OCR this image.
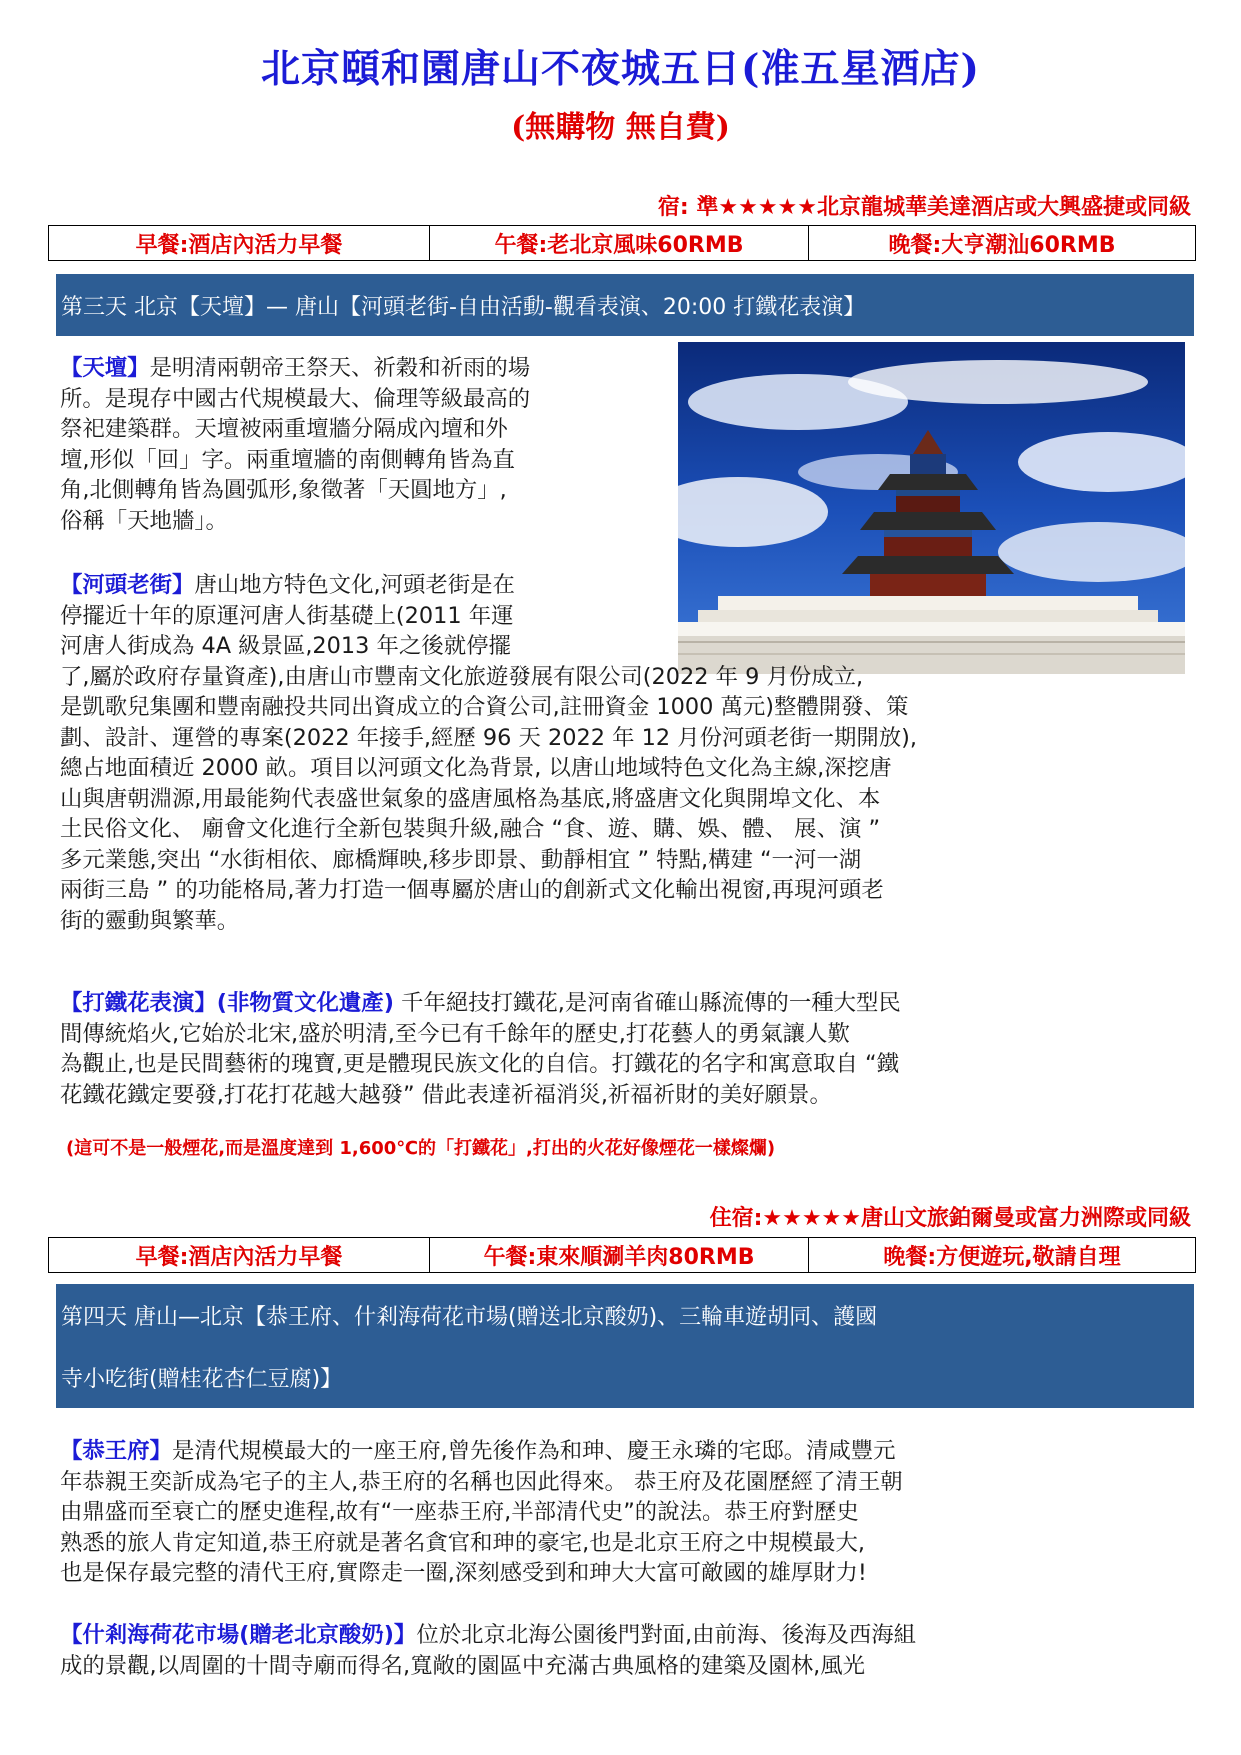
北京頤和園唐山不夜城五日(准五星酒店)
(無購物 無自費)
宿: 準★★★★★北京龍城華美達酒店或大興盛捷或同級
早餐:酒店內活力早餐	午餐:老北京風味60RMB	晚餐:大亨潮汕60RMB
第三天 北京【天壇】— 唐山【河頭老街-自由活動-觀看表演、20:00 打鐵花表演】
【天壇】是明清兩朝帝王祭天、祈穀和祈雨的場
所。是現存中國古代規模最大、倫理等級最高的
祭祀建築群。天壇被兩重壇牆分隔成內壇和外
壇,形似「回」字。兩重壇牆的南側轉角皆為直
角,北側轉角皆為圓弧形,象徵著「天圓地方」,
俗稱「天地牆」。
【河頭老街】唐山地方特色文化,河頭老街是在
停擺近十年的原運河唐人街基礎上(2011 年運
河唐人街成為 4A 級景區,2013 年之後就停擺
了,屬於政府存量資產),由唐山市豐南文化旅遊發展有限公司(2022 年 9 月份成立,
是凱歌兒集團和豐南融投共同出資成立的合資公司,註冊資金 1000 萬元)整體開發、策
劃、設計、運營的專案(2022 年接手,經歷 96 天 2022 年 12 月份河頭老街一期開放),
總占地面積近 2000 畝。項目以河頭文化為背景, 以唐山地域特色文化為主線,深挖唐
山與唐朝淵源,用最能夠代表盛世氣象的盛唐風格為基底,將盛唐文化與開埠文化、本
土民俗文化、 廟會文化進行全新包裝與升級,融合 “食、遊、購、娛、體、 展、演 ”
多元業態,突出 “水街相依、廊橋輝映,移步即景、動靜相宜 ” 特點,構建 “一河一湖
兩街三島 ” 的功能格局,著力打造一個專屬於唐山的創新式文化輸出視窗,再現河頭老
街的靈動與繁華。
【打鐵花表演】(非物質文化遺產) 千年絕技打鐵花,是河南省確山縣流傳的一種大型民
間傳統焰火,它始於北宋,盛於明清,至今已有千餘年的歷史,打花藝人的勇氣讓人歎
為觀止,也是民間藝術的瑰寶,更是體現民族文化的自信。打鐵花的名字和寓意取自 “鐵
花鐵花鐵定要發,打花打花越大越發” 借此表達祈福消災,祈福祈財的美好願景。
(這可不是一般煙花,而是溫度達到 1,600℃的「打鐵花」,打出的火花好像煙花一樣燦爛)
住宿:★★★★★唐山文旅鉑爾曼或富力洲際或同級
早餐:酒店內活力早餐	午餐:東來順涮羊肉80RMB	晚餐:方便遊玩,敬請自理
第四天 唐山—北京【恭王府、什剎海荷花市場(贈送北京酸奶)、三輪車遊胡同、護國
寺小吃街(贈桂花杏仁豆腐)】
【恭王府】是清代規模最大的一座王府,曾先後作為和珅、慶王永璘的宅邸。清咸豐元
年恭親王奕訢成為宅子的主人,恭王府的名稱也因此得來。 恭王府及花園歷經了清王朝
由鼎盛而至衰亡的歷史進程,故有“一座恭王府,半部清代史”的說法。恭王府對歷史
熟悉的旅人肯定知道,恭王府就是著名貪官和珅的豪宅,也是北京王府之中規模最大,
也是保存最完整的清代王府,實際走一圈,深刻感受到和珅大大富可敵國的雄厚財力!
【什剎海荷花市場(贈老北京酸奶)】位於北京北海公園後門對面,由前海、後海及西海組
成的景觀,以周圍的十間寺廟而得名,寬敞的園區中充滿古典風格的建築及園林,風光
